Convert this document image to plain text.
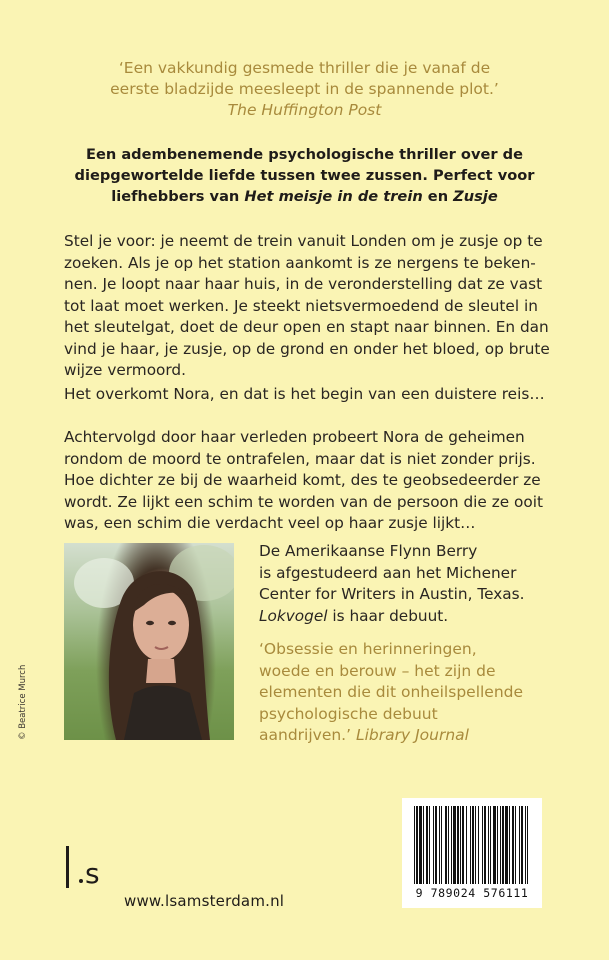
‘Een vakkundig gesmede thriller die je vanaf de
eerste bladzijde meesleept in de spannende plot.’
The Huffington Post
Een adembenemende psychologische thriller over de
diepgewortelde liefde tussen twee zussen. Perfect voor
liefhebbers van Het meisje in de trein en Zusje
Stel je voor: je neemt de trein vanuit Londen om je zusje op te
zoeken. Als je op het station aankomt is ze nergens te beken-
nen. Je loopt naar haar huis, in de veronderstelling dat ze vast
tot laat moet werken. Je steekt nietsvermoedend de sleutel in
het sleutelgat, doet de deur open en stapt naar binnen. En dan
vind je haar, je zusje, op de grond en onder het bloed, op brute
wijze vermoord.
Het overkomt Nora, en dat is het begin van een duistere reis…
Achtervolgd door haar verleden probeert Nora de geheimen
rondom de moord te ontrafelen, maar dat is niet zonder prijs.
Hoe dichter ze bij de waarheid komt, des te geobsedeerder ze
wordt. Ze lijkt een schim te worden van de persoon die ze ooit
was, een schim die verdacht veel op haar zusje lijkt…
© Beatrice Murch
De Amerikaanse Flynn Berry
is afgestudeerd aan het Michener
Center for Writers in Austin, Texas.
Lokvogel is haar debuut.
‘Obsessie en herinneringen,
woede en berouw – het zijn de
elementen die dit onheilspellende
psychologische debuut
aandrijven.’ Library Journal
9 789024 576111
s
www.lsamsterdam.nl
